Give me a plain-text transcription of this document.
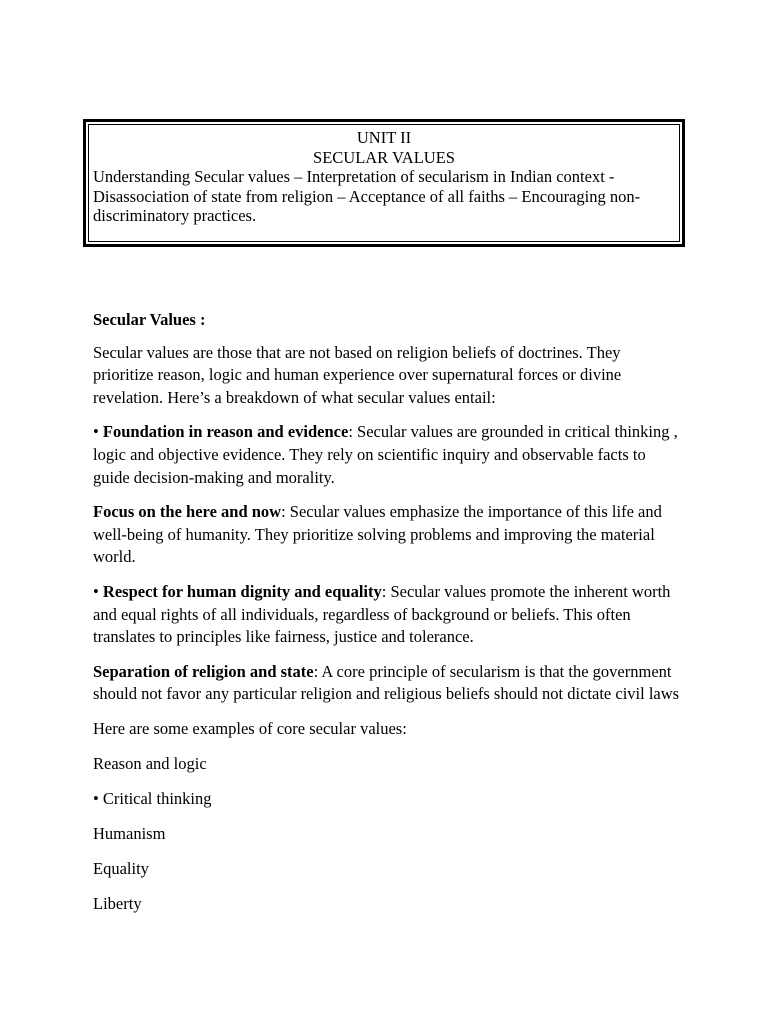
UNIT II

SECULAR VALUES

Understanding Secular values – Interpretation of secularism in Indian context - Disassociation of state from religion – Acceptance of all faiths – Encouraging non-discriminatory practices.

Secular Values :

Secular values are those that are not based on religion beliefs of doctrines. They prioritize reason, logic and human experience over supernatural forces or divine revelation. Here’s a breakdown of what secular values entail:

• Foundation in reason and evidence: Secular values are grounded in critical thinking , logic and objective evidence. They rely on scientific inquiry and observable facts to guide decision-making and morality.

Focus on the here and now: Secular values emphasize the importance of this life and well-being of humanity. They prioritize solving problems and improving the material world.

• Respect for human dignity and equality: Secular values promote the inherent worth and equal rights of all individuals, regardless of background or beliefs. This often translates to principles like fairness, justice and tolerance.

Separation of religion and state: A core principle of secularism is that the government should not favor any particular religion and religious beliefs should not dictate civil laws

Here are some examples of core secular values:

Reason and logic

• Critical thinking

Humanism

Equality

Liberty
